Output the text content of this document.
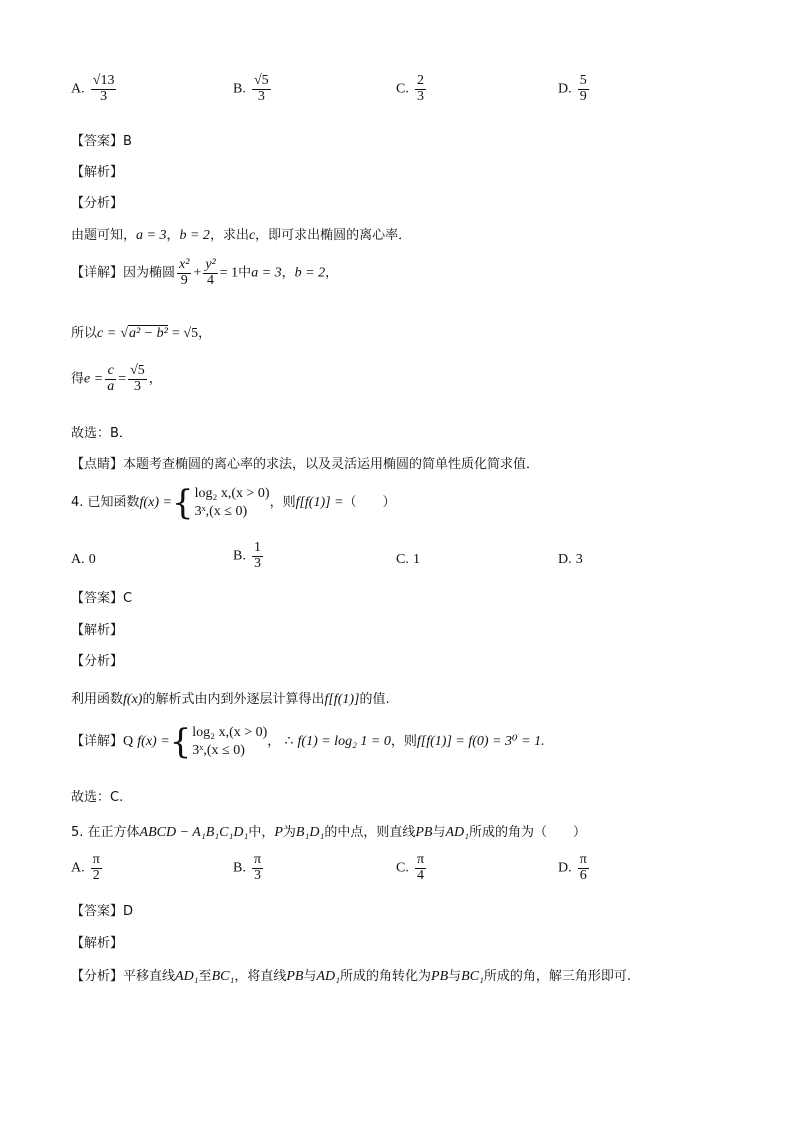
A. $\frac{√13}{3}$	B. $\frac{√5}{3}$	C. $\frac{2}{3}$	D. $\frac{5}{9}$
【答案】B
【解析】
【分析】
由题可知，a = 3，b = 2，求出c，即可求出椭圆的离心率．
【详解】因为椭圆 $\frac{\text{x²}}{9} + \frac{\text{y²}}{4} = 1$中a = 3，b = 2，
所以c = √a² − b² = √5，
得$e = \frac{c}{a} = \frac{√5}{3}$ ，
故选：B．
【点睛】本题考查椭圆的离心率的求法，以及灵活运用椭圆的简单性质化简求值．
4. 已知函数f(x) ={ log₂ x,(x > 0)
3ˣ,(x ≤ 0)
，则f[f(1)] =（　　）
A. 0	B. $\frac{1}{3}$	C. 1	D. 3
【答案】C
【解析】
【分析】
利用函数f(x)的解析式由内到外逐层计算得出f[f(1)]的值.
【详解】Q f(x) ={ log₂ x,(x > 0)
3ˣ,(x ≤ 0)
， ∴ f(1) = log₂ 1 = 0，则f[f(1)] = f(0) = 3⁰ = 1.
故选：C.
5. 在正方体ABCD − A₁B₁C₁D₁中，P为B₁D₁的中点，则直线PB与AD₁所成的角为（　　）
A. $\frac{\pi}{2}$	B. $\frac{\pi}{3}$	C. $\frac{\pi}{4}$	D. $\frac{\pi}{6}$
【答案】D
【解析】
【分析】平移直线AD₁至BC₁，将直线PB与AD₁所成的角转化为PB与BC₁所成的角，解三角形即可.
